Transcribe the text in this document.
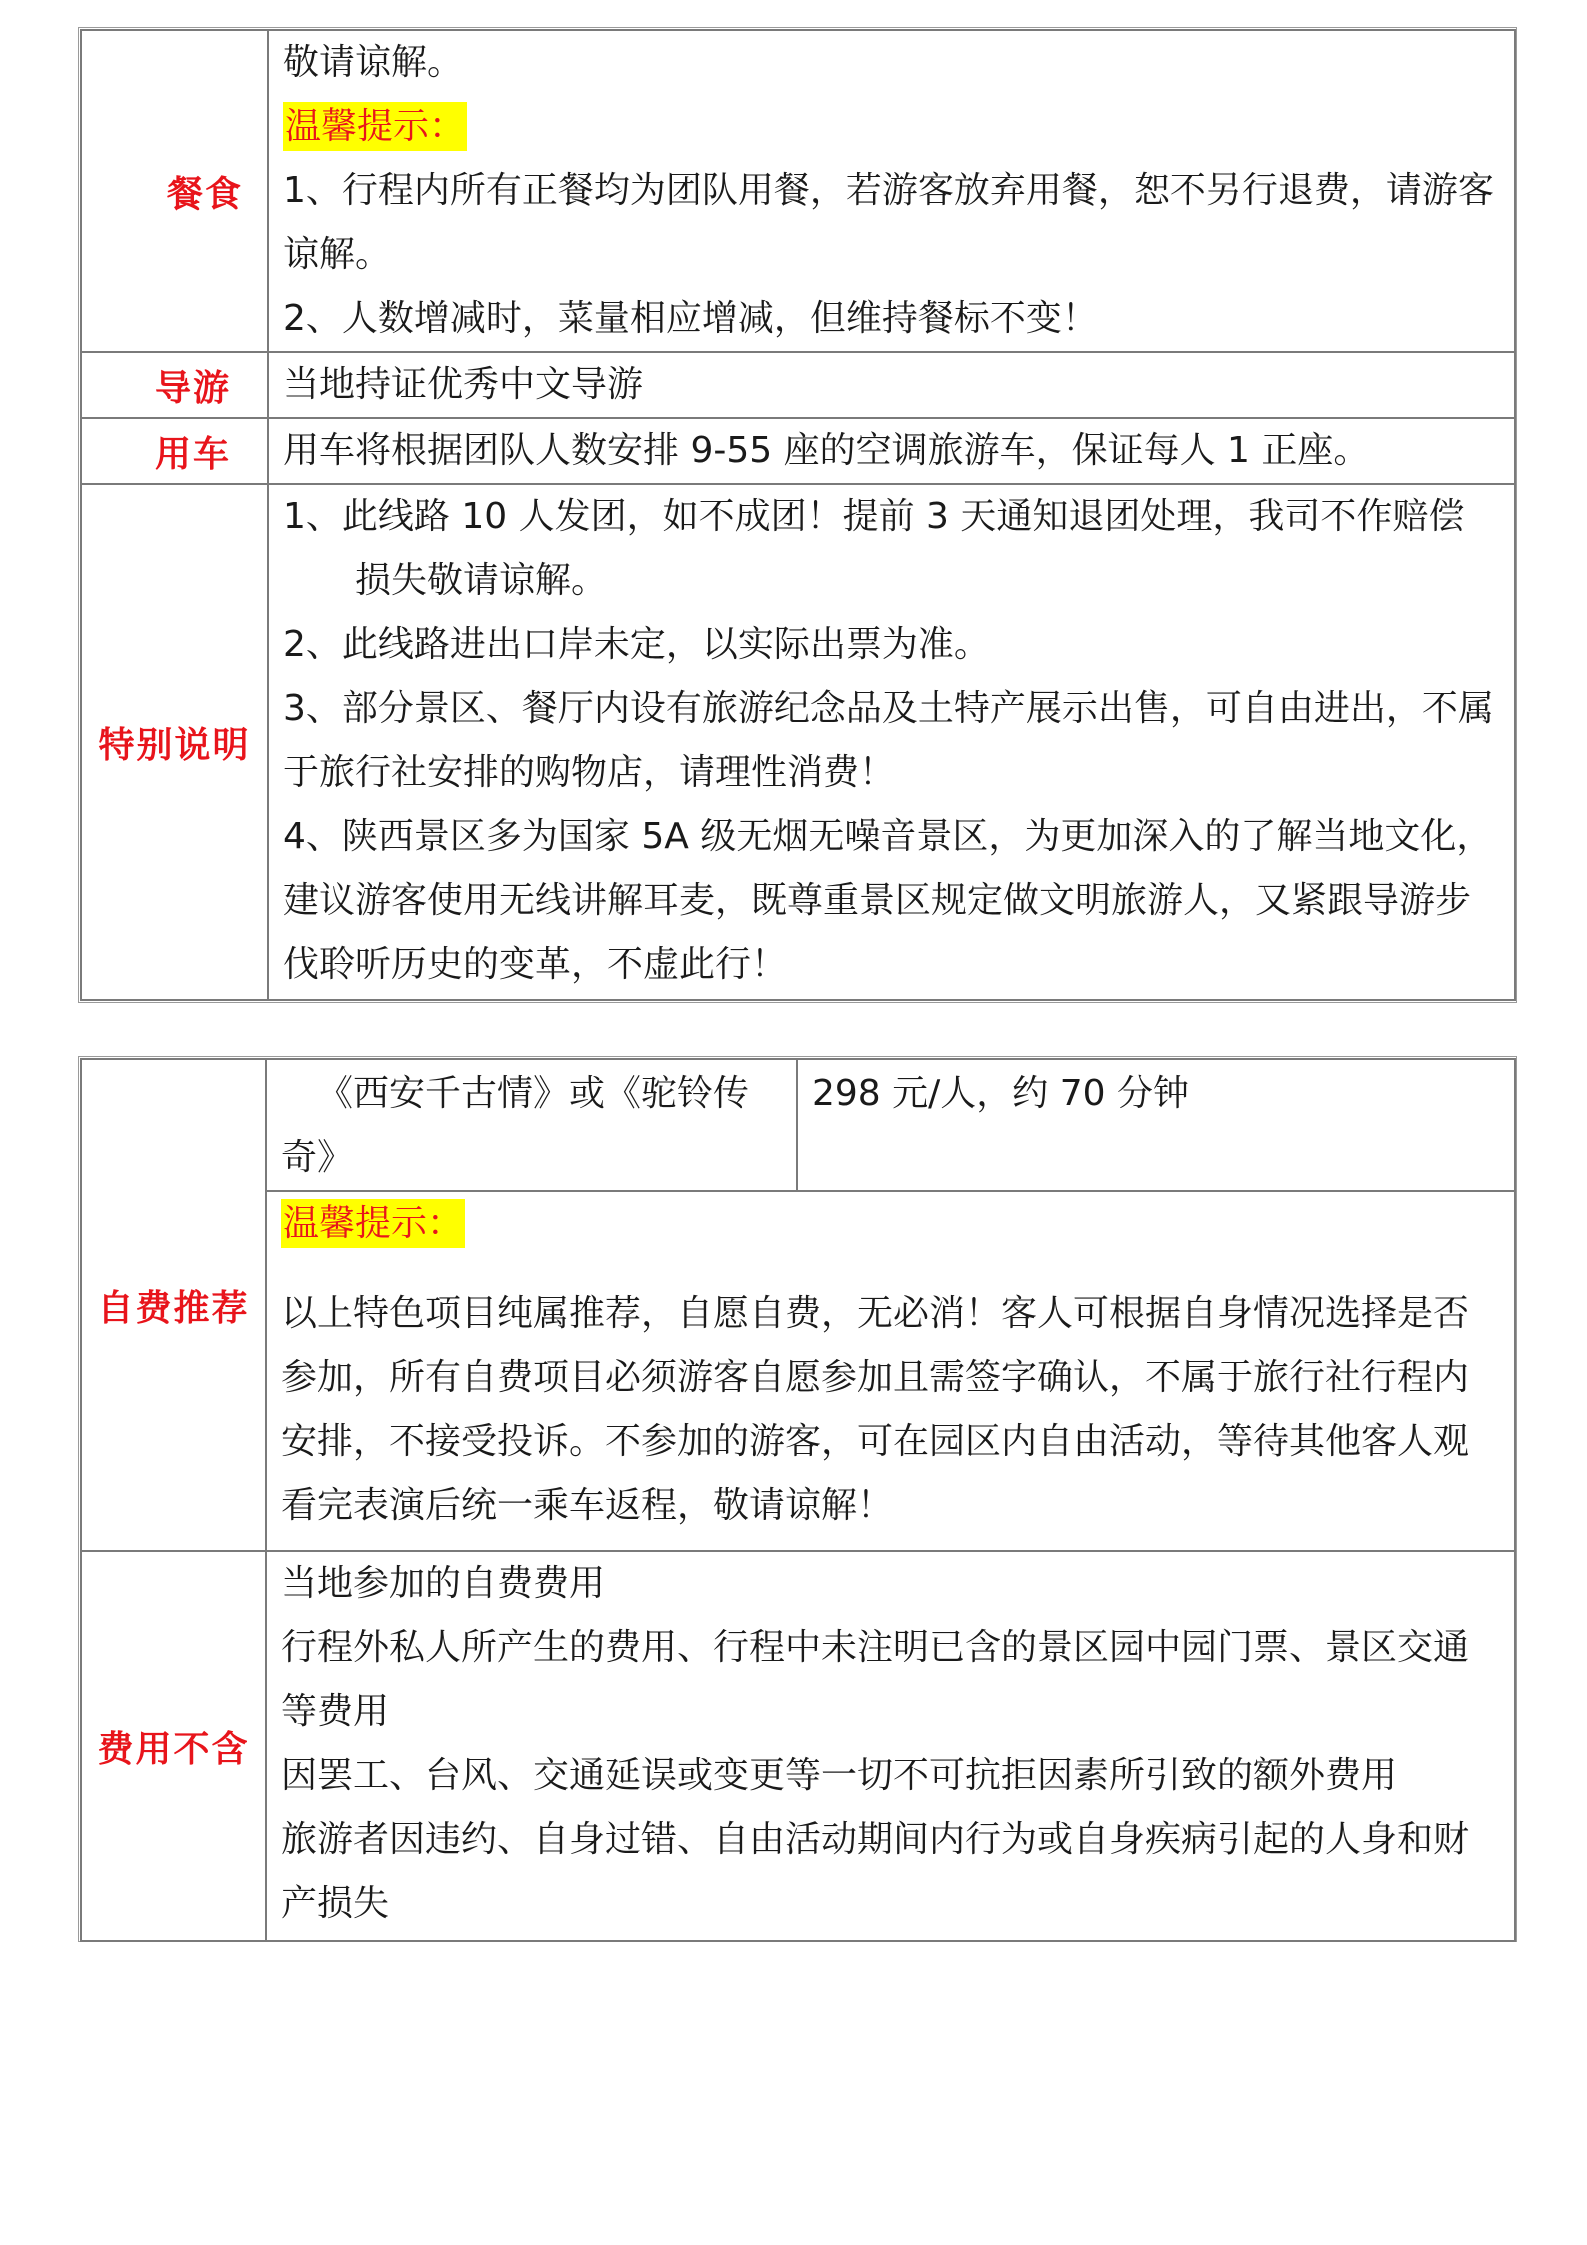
餐食	敬请谅解。

温馨提示：

1、行程内所有正餐均为团队用餐，若游客放弃用餐，恕不另行退费，请游客谅解。

2、人数增减时，菜量相应增减，但维持餐标不变！

导游	当地持证优秀中文导游

用车	用车将根据团队人数安排 9-55 座的空调旅游车，保证每人 1 正座。

特别说明	1、此线路 10 人发团，如不成团！提前 3 天通知退团处理，我司不作赔偿损失敬请谅解。

2、此线路进出口岸未定，以实际出票为准。

3、部分景区、餐厅内设有旅游纪念品及土特产展示出售，可自由进出，不属于旅行社安排的购物店，请理性消费！

4、陕西景区多为国家 5A 级无烟无噪音景区，为更加深入的了解当地文化，建议游客使用无线讲解耳麦，既尊重景区规定做文明旅游人，又紧跟导游步伐聆听历史的变革，不虚此行！

自费推荐	《西安千古情》或《驼铃传奇》	298 元/人，约 70 分钟

	温馨提示：

以上特色项目纯属推荐，自愿自费，无必消！客人可根据自身情况选择是否参加，所有自费项目必须游客自愿参加且需签字确认，不属于旅行社行程内安排，不接受投诉。不参加的游客，可在园区内自由活动，等待其他客人观看完表演后统一乘车返程，敬请谅解！	

费用不含	当地参加的自费费用

行程外私人所产生的费用、行程中未注明已含的景区园中园门票、景区交通等费用

因罢工、台风、交通延误或变更等一切不可抗拒因素所引致的额外费用

旅游者因违约、自身过错、自由活动期间内行为或自身疾病引起的人身和财产损失	
